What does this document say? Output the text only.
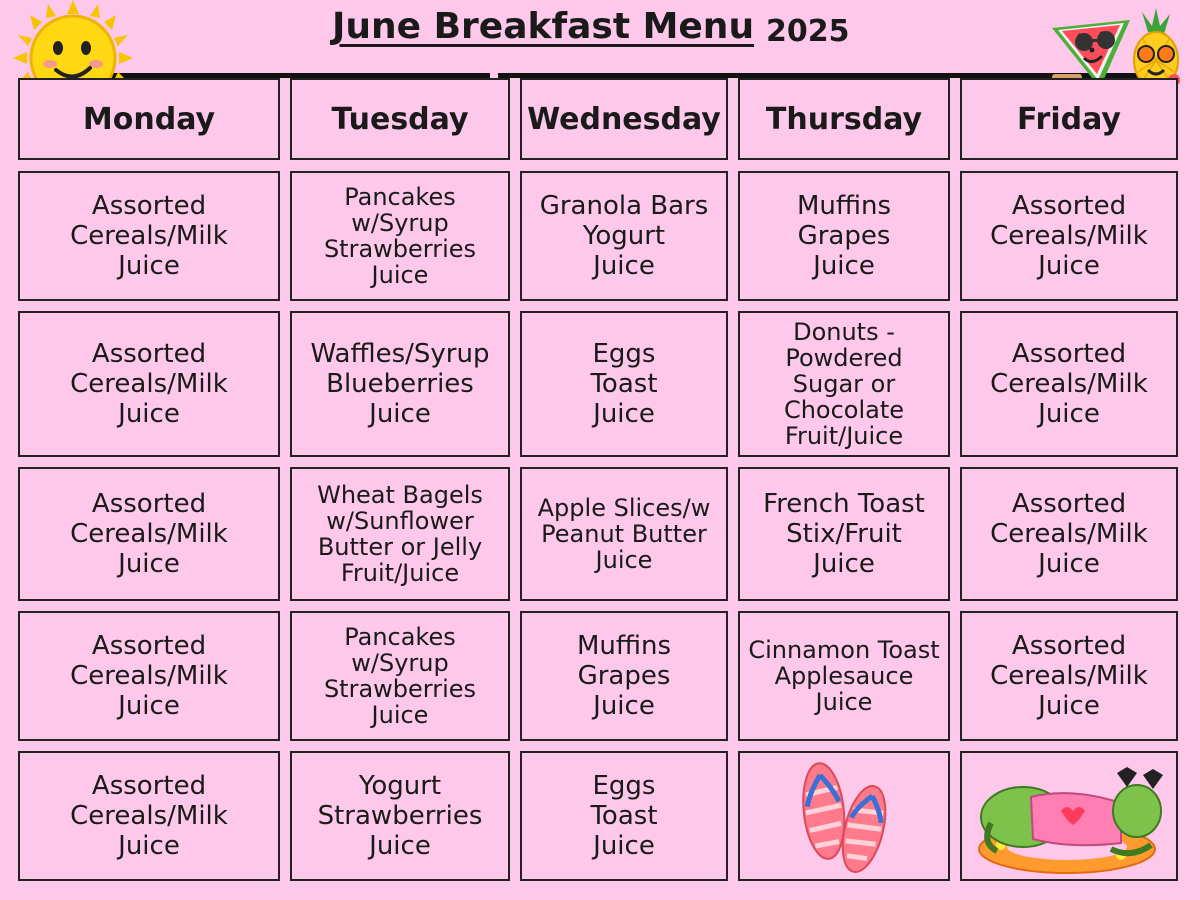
June Breakfast Menu 2025
Monday	Tuesday Wednesday Thursday	Friday
Assorted
Cereals/Milk
Juice
Pancakes
w/Syrup
Strawberries
Juice
Granola Bars
Yogurt
Juice
Muffins
Grapes
Juice
Assorted
Cereals/Milk
Juice
Assorted
Cereals/Milk
Juice
Waffles/Syrup
Blueberries
Juice
Eggs
Toast
Juice
Donuts -
Powdered
Sugar or
Chocolate
Fruit/Juice
Assorted
Cereals/Milk
Juice
Assorted
Cereals/Milk
Juice
Wheat Bagels
w/Sunflower
Butter or Jelly
Fruit/Juice
Apple Slices/w
Peanut Butter
Juice
French Toast
Stix/Fruit
Juice
Assorted
Cereals/Milk
Juice
Assorted
Cereals/Milk
Juice
Pancakes
w/Syrup
Strawberries
Juice
Muffins
Grapes
Juice
Cinnamon Toast
Applesauce
Juice
Assorted
Cereals/Milk
Juice
Assorted
Cereals/Milk
Juice
Yogurt
Strawberries
Juice
Eggs
Toast
Juice
